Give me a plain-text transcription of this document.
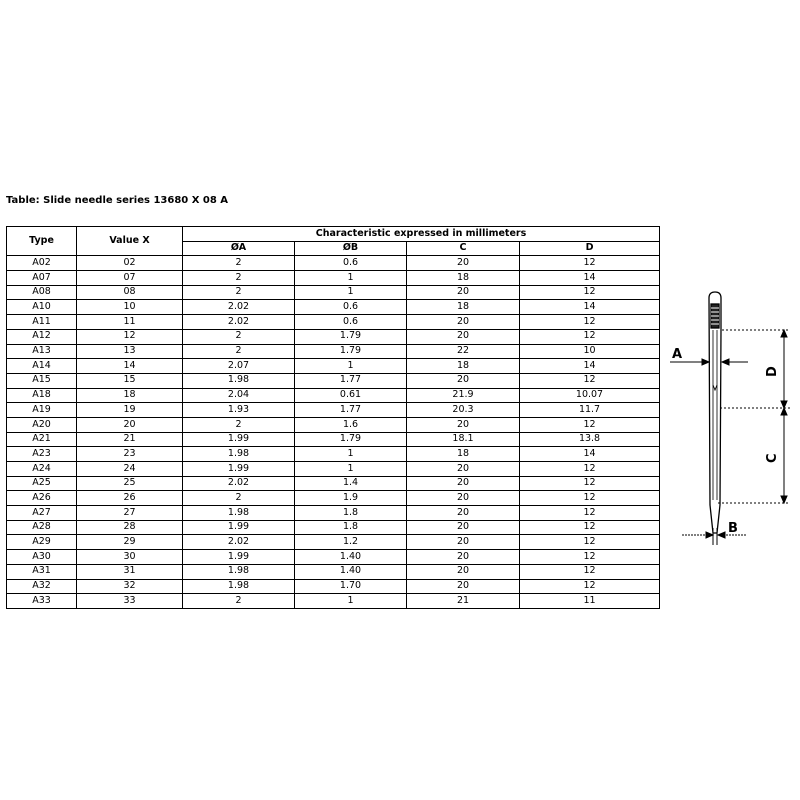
Table: Slide needle series 13680 X 08 A
Type	Value X	Characteristic expressed in millimeters			
		ØA	ØB	C	D
A02	02	2	0.6	20	12
A07	07	2	1	18	14
A08	08	2	1	20	12
A10	10	2.02	0.6	18	14
A11	11	2.02	0.6	20	12
A12	12	2	1.79	20	12
A13	13	2	1.79	22	10
A14	14	2.07	1	18	14
A15	15	1.98	1.77	20	12
A18	18	2.04	0.61	21.9	10.07
A19	19	1.93	1.77	20.3	11.7
A20	20	2	1.6	20	12
A21	21	1.99	1.79	18.1	13.8
A23	23	1.98	1	18	14
A24	24	1.99	1	20	12
A25	25	2.02	1.4	20	12
A26	26	2	1.9	20	12
A27	27	1.98	1.8	20	12
A28	28	1.99	1.8	20	12
A29	29	2.02	1.2	20	12
A30	30	1.99	1.40	20	12
A31	31	1.98	1.40	20	12
A32	32	1.98	1.70	20	12
A33	33	2	1	21	11
A
B
C
D
